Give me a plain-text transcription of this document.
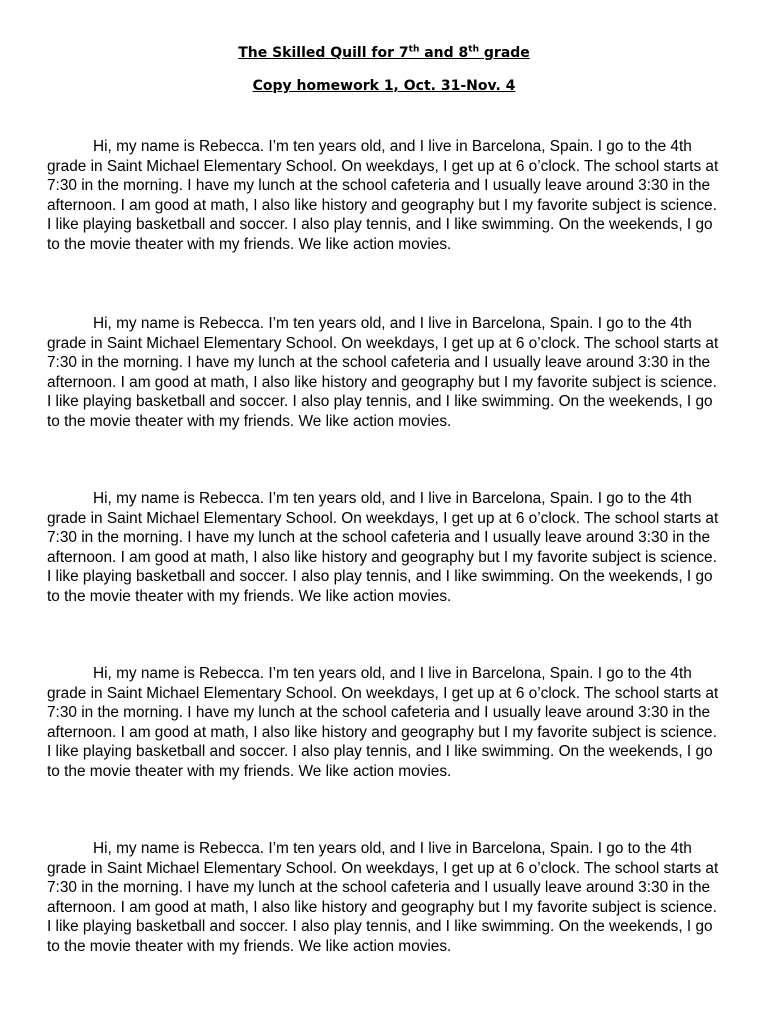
The Skilled Quill for 7th and 8th grade
Copy homework 1, Oct. 31-Nov. 4

Hi, my name is Rebecca. I’m ten years old, and I live in Barcelona, Spain. I go to the 4th grade in Saint Michael Elementary School. On weekdays, I get up at 6 o’clock. The school starts at 7:30 in the morning. I have my lunch at the school cafeteria and I usually leave around 3:30 in the afternoon. I am good at math, I also like history and geography but I my favorite subject is science. I like playing basketball and soccer. I also play tennis, and I like swimming. On the weekends, I go to the movie theater with my friends. We like action movies.

Hi, my name is Rebecca. I’m ten years old, and I live in Barcelona, Spain. I go to the 4th grade in Saint Michael Elementary School. On weekdays, I get up at 6 o’clock. The school starts at 7:30 in the morning. I have my lunch at the school cafeteria and I usually leave around 3:30 in the afternoon. I am good at math, I also like history and geography but I my favorite subject is science. I like playing basketball and soccer. I also play tennis, and I like swimming. On the weekends, I go to the movie theater with my friends. We like action movies.

Hi, my name is Rebecca. I’m ten years old, and I live in Barcelona, Spain. I go to the 4th grade in Saint Michael Elementary School. On weekdays, I get up at 6 o’clock. The school starts at 7:30 in the morning. I have my lunch at the school cafeteria and I usually leave around 3:30 in the afternoon. I am good at math, I also like history and geography but I my favorite subject is science. I like playing basketball and soccer. I also play tennis, and I like swimming. On the weekends, I go to the movie theater with my friends. We like action movies.

Hi, my name is Rebecca. I’m ten years old, and I live in Barcelona, Spain. I go to the 4th grade in Saint Michael Elementary School. On weekdays, I get up at 6 o’clock. The school starts at 7:30 in the morning. I have my lunch at the school cafeteria and I usually leave around 3:30 in the afternoon. I am good at math, I also like history and geography but I my favorite subject is science. I like playing basketball and soccer. I also play tennis, and I like swimming. On the weekends, I go to the movie theater with my friends. We like action movies.

Hi, my name is Rebecca. I’m ten years old, and I live in Barcelona, Spain. I go to the 4th grade in Saint Michael Elementary School. On weekdays, I get up at 6 o’clock. The school starts at 7:30 in the morning. I have my lunch at the school cafeteria and I usually leave around 3:30 in the afternoon. I am good at math, I also like history and geography but I my favorite subject is science. I like playing basketball and soccer. I also play tennis, and I like swimming. On the weekends, I go to the movie theater with my friends. We like action movies.
